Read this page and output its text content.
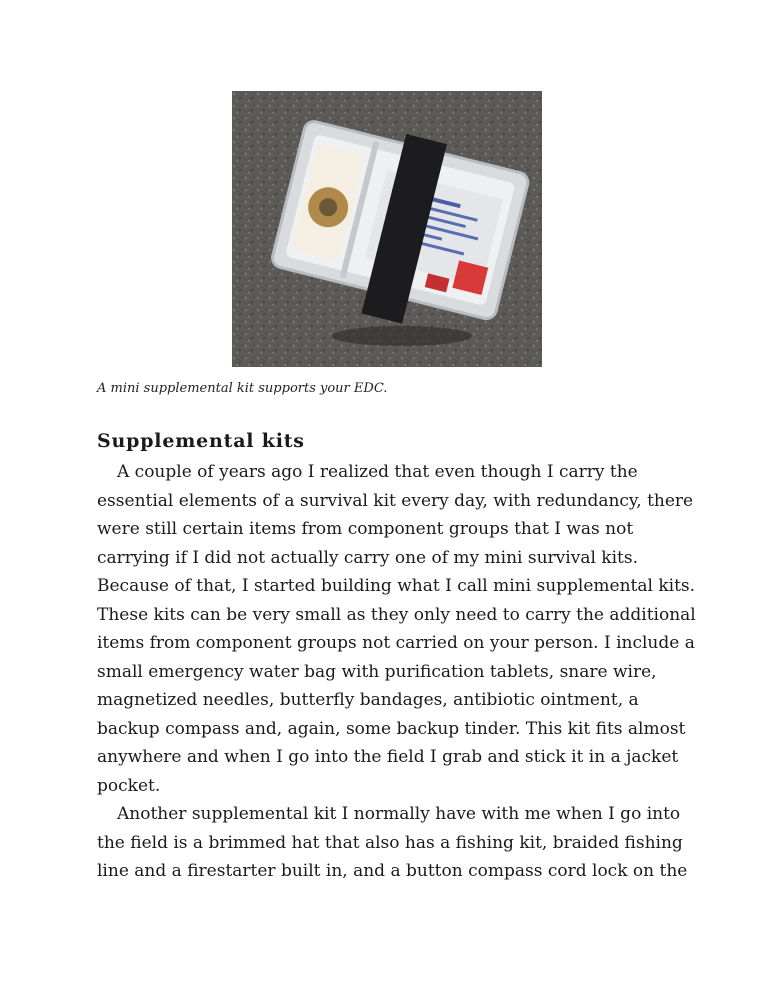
A mini supplemental kit supports your EDC.
Supplemental kits
A couple of years ago I realized that even though I carry the
essential elements of a survival kit every day, with redundancy, there
were still certain items from component groups that I was not
carrying if I did not actually carry one of my mini survival kits.
Because of that, I started building what I call mini supplemental kits.
These kits can be very small as they only need to carry the additional
items from component groups not carried on your person. I include a
small emergency water bag with purification tablets, snare wire,
magnetized needles, butterfly bandages, antibiotic ointment, a
backup compass and, again, some backup tinder. This kit fits almost
anywhere and when I go into the field I grab and stick it in a jacket
pocket.
Another supplemental kit I normally have with me when I go into
the field is a brimmed hat that also has a fishing kit, braided fishing
line and a firestarter built in, and a button compass cord lock on the
